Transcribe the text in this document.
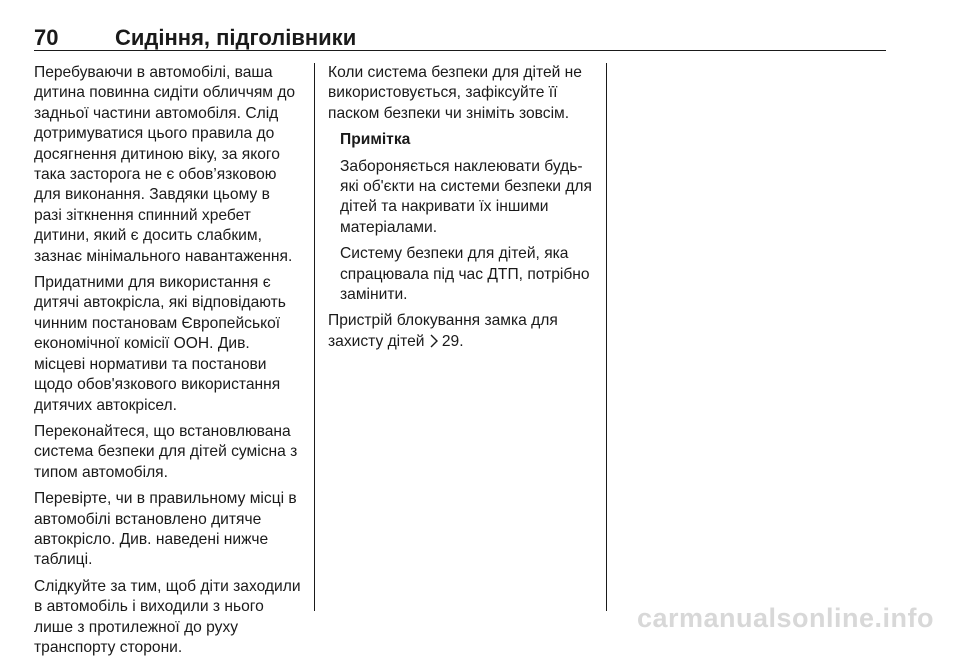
70	Сидіння, підголівники

Перебуваючи в автомобілі, ваша дитина повинна сидіти обличчям до задньої частини автомобіля. Слід дотримуватися цього правила до досягнення дитиною віку, за якого така засторога не є обов’язковою для виконання. Завдяки цьому в разі зіткнення спинний хребет дитини, який є досить слабким, зазнає мінімального навантаження.

Придатними для використання є дитячі автокрісла, які відповідають чинним постановам Європейської економічної комісії ООН. Див. місцеві нормативи та постанови щодо обов'язкового використання дитячих автокрісел.

Переконайтеся, що встановлювана система безпеки для дітей сумісна з типом автомобіля.

Перевірте, чи в правильному місці в автомобілі встановлено дитяче автокрісло. Див. наведені нижче таблиці.

Слідкуйте за тим, щоб діти заходили в автомобіль і виходили з нього лише з протилежної до руху транспорту сторони.

Коли система безпеки для дітей не використовується, зафіксуйте її паском безпеки чи зніміть зовсім.

Примітка

Забороняється наклеювати будь-які об'єкти на системи безпеки для дітей та накривати їх іншими матеріалами.

Систему безпеки для дітей, яка спрацювала під час ДТП, потрібно замінити.

Пристрій блокування замка для захисту дітей 29.

carmanualsonline.info
